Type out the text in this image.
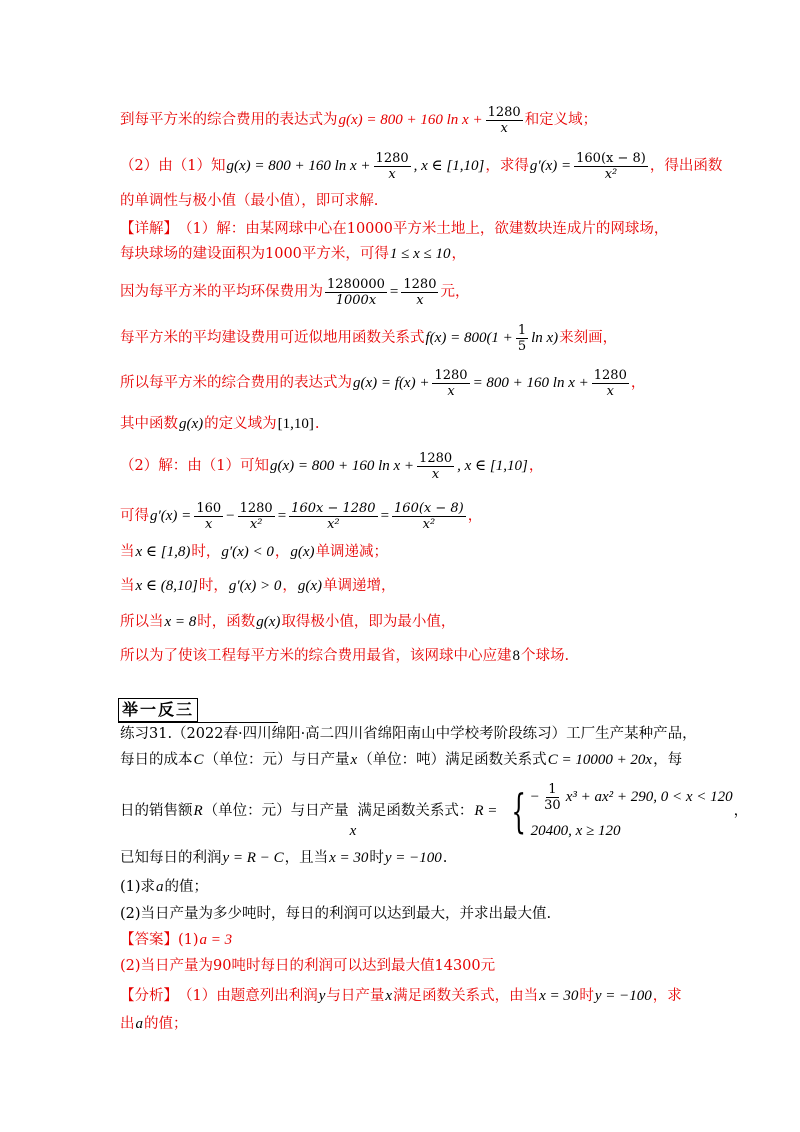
到每平方米的综合费用的表达式为 g(x) = 800 + 160 $\ln x + \frac{1280}{x}$ 和定义域；
（2）由（1）知 g(x) = 800 + 160 $\ln x + \frac{1280}{x}$ , x ∈ [1,10] ，求得 $g'(x) = \frac{160(x - 8)}{\text{x²}}$ ，得出函数
的单调性与极小值（最小值），即可求解.
【详解】 （1）解：由某网球中心在10000平方米土地上，欲建数块连成片的网球场，
每块球场的建设面积为1000平方米，可得 1 ≤ x ≤ 10 ，
因为每平方米的平均环保费用为 $\frac{1280000}{1000x} = \frac{1280}{x}$ 元，
每平方米的平均建设费用可近似地用函数关系式 $f(x) = 800(1 + \frac{1}{5}$ ln x) 来刻画，
所以每平方米的综合费用的表达式为 $g(x) = f(x) + \frac{1280}{x} = 800 + 160$ $\ln x + \frac{1280}{x}$ ，
其中函数 g(x) 的定义域为 [1,10] .
（2）解：由（1）可知 g(x) = 800 + 160 $\ln x + \frac{1280}{x}$ , x ∈ [1,10] ，
可得 $g'(x) = \frac{160}{x} - \frac{1280}{\text{x²}} = \frac{160x - 1280}{\text{x²}} = \frac{160(x - 8)}{\text{x²}}$ ，
当 x ∈ [1,8) 时， g′(x) < 0 ， g(x) 单调递减；
当 x ∈ (8,10] 时， g′(x) > 0 ， g(x) 单调递增，
所以当 x = 8 时，函数 g(x) 取得极小值，即为最小值，
所以为了使该工程每平方米的综合费用最省，该网球中心应建 8 个球场.
举一反三
练习31.（2022春·四川绵阳·高二四川省绵阳南山中学校考阶段练习）工厂生产某种产品，
每日的成本 C （单位：元）与日产量 x （单位：吨）满足函数关系式 C = 10000 + 20x ，每
日的销售额 R （单位：元）与日产量
x
满足函数关系式： R = { − $\frac{1}{30} x^3 + ax^2 + 290$, 0 < x < 120
20400, x ≥ 120
，
已知每日的利润 y = R − C ，且当 x = 30 时 y = −100 .
(1)求 a 的值；
(2)当日产量为多少吨时，每日的利润可以达到最大，并求出最大值.
【答案】 (1) a = 3
(2)当日产量为90吨时每日的利润可以达到最大值14300元
【分析】 （1）由题意列出利润 y 与日产量 x 满足函数关系式，由当 x = 30 时 y = −100 ，求
出 a 的值；
